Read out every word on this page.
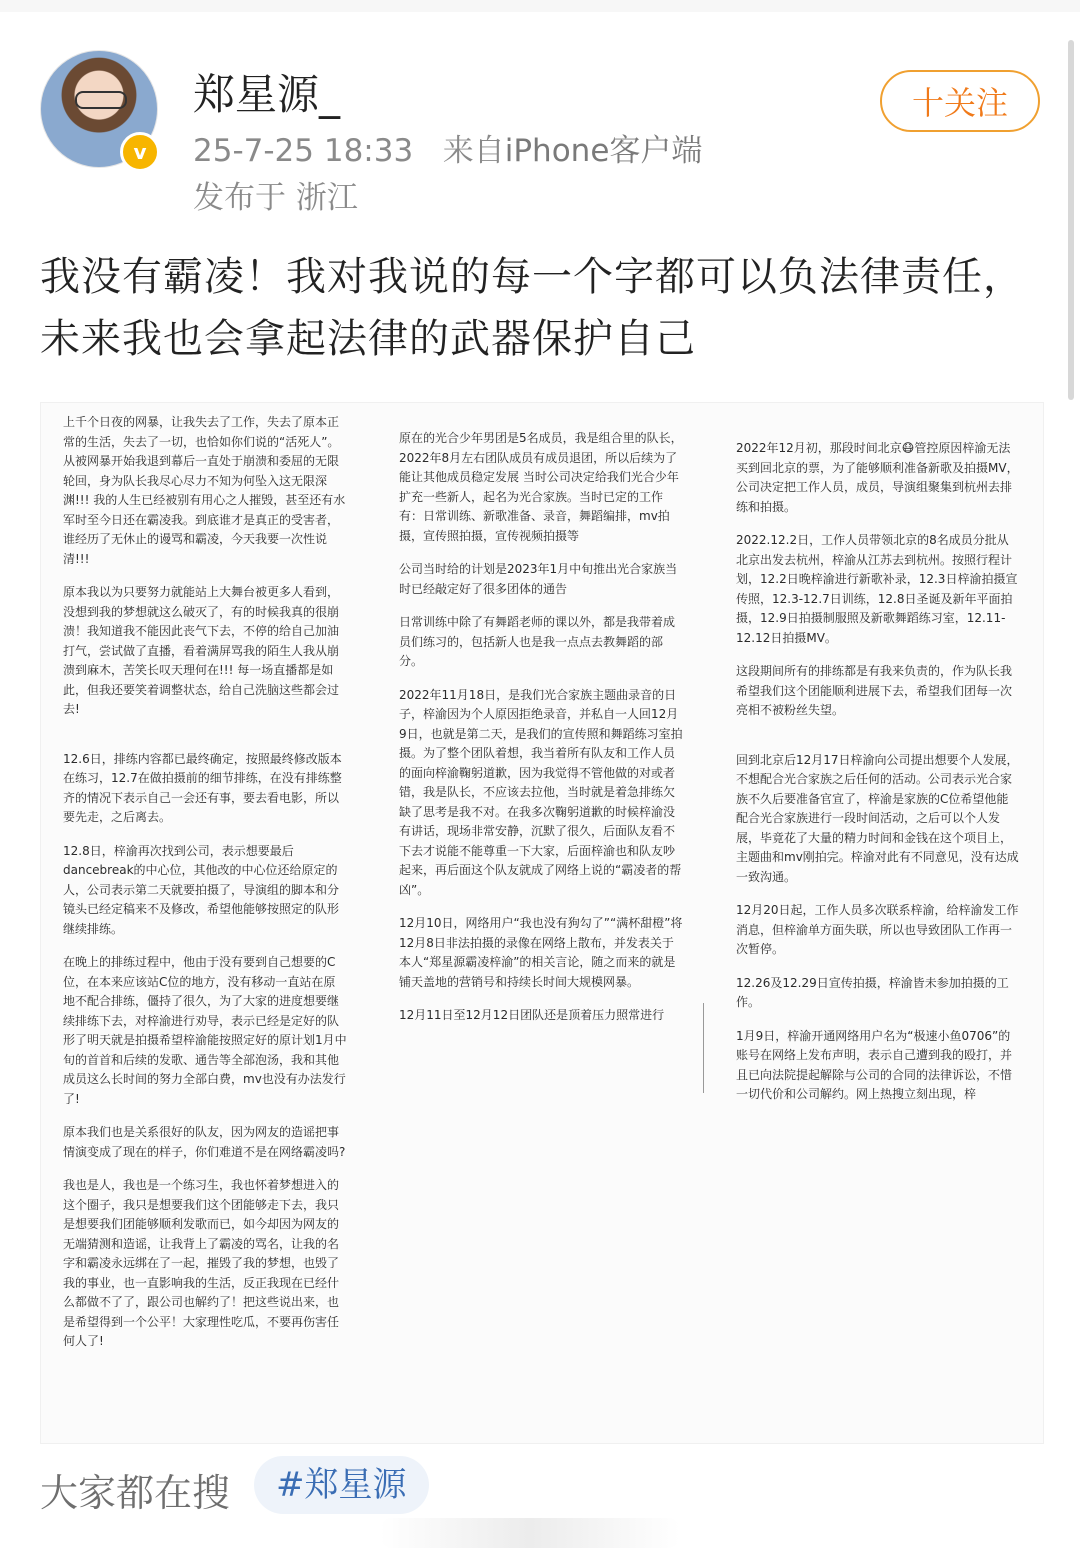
v
郑星源_
25-7-25 18:33 来自iPhone客户端
发布于 浙江
十关注
我没有霸凌！我对我说的每一个字都可以负法律责任，未来我也会拿起法律的武器保护自己

上千个日夜的网暴，让我失去了工作，失去了原本正常的生活，失去了一切，也恰如你们说的“活死人”。从被网暴开始我退到幕后一直处于崩溃和委屈的无限轮回，身为队长我尽心尽力不知为何坠入这无限深渊!!! 我的人生已经被别有用心之人摧毁，甚至还有水军时至今日还在霸凌我。到底谁才是真正的受害者，谁经历了无休止的谩骂和霸凌，今天我要一次性说清!!!

原本我以为只要努力就能站上大舞台被更多人看到，没想到我的梦想就这么破灭了，有的时候我真的很崩溃！我知道我不能因此丧气下去，不停的给自己加油打气，尝试做了直播，看着满屏骂我的陌生人我从崩溃到麻木，苦笑长叹天理何在!!! 每一场直播都是如此，但我还要笑着调整状态，给自己洗脑这些都会过去!

12.6日，排练内容都已最终确定，按照最终修改版本在练习，12.7在做拍摄前的细节排练，在没有排练整齐的情况下表示自己一会还有事，要去看电影，所以要先走，之后离去。

12.8日，梓渝再次找到公司，表示想要最后dancebreak的中心位，其他改的中心位还给原定的人，公司表示第二天就要拍摄了，导演组的脚本和分镜头已经定稿来不及修改，希望他能够按照定的队形继续排练。

在晚上的排练过程中，他由于没有要到自己想要的C位，在本来应该站C位的地方，没有移动一直站在原地不配合排练，僵持了很久，为了大家的进度想要继续排练下去，对梓渝进行劝导，表示已经是定好的队形了明天就是拍摄希望梓渝能按照定好的原计划1月中旬的首首和后续的发歌、通告等全部泡汤，我和其他成员这么长时间的努力全部白费，mv也没有办法发行了!

原本我们也是关系很好的队友，因为网友的造谣把事情演变成了现在的样子，你们难道不是在网络霸凌吗?

我也是人，我也是一个练习生，我也怀着梦想进入的这个圈子，我只是想要我们这个团能够走下去，我只是想要我们团能够顺利发歌而已，如今却因为网友的无端猜测和造谣，让我背上了霸凌的骂名，让我的名字和霸凌永远绑在了一起，摧毁了我的梦想，也毁了我的事业，也一直影响我的生活，反正我现在已经什么都做不了了，跟公司也解约了！把这些说出来，也是希望得到一个公平！大家理性吃瓜，不要再伤害任何人了!

原在的光合少年男团是5名成员，我是组合里的队长，2022年8月左右团队成员有成员退团，所以后续为了能让其他成员稳定发展 当时公司决定给我们光合少年扩充一些新人，起名为光合家族。当时已定的工作有：日常训练、新歌准备、录音，舞蹈编排，mv拍摄，宣传照拍摄，宣传视频拍摄等

公司当时给的计划是2023年1月中旬推出光合家族当时已经敲定好了很多团体的通告

日常训练中除了有舞蹈老师的课以外，都是我带着成员们练习的，包括新人也是我一点点去教舞蹈的部分。

2022年11月18日，是我们光合家族主题曲录音的日子，梓渝因为个人原因拒绝录音，并私自一人回12月9日，也就是第二天，是我们的宣传照和舞蹈练习室拍摄。为了整个团队着想，我当着所有队友和工作人员的面向梓渝鞠躬道歉，因为我觉得不管他做的对或者错，我是队长，不应该去拉他，当时就是着急排练欠缺了思考是我不对。在我多次鞠躬道歉的时候梓渝没有讲话，现场非常安静，沉默了很久，后面队友看不下去才说能不能尊重一下大家，后面梓渝也和队友吵起来，再后面这个队友就成了网络上说的“霸凌者的帮凶”。

12月10日，网络用户“我也没有狗勾了”“满杯甜橙”将12月8日非法拍摄的录像在网络上散布，并发表关于本人“郑星源霸凌梓渝”的相关言论，随之而来的就是铺天盖地的营销号和持续长时间大规模网暴。

12月11日至12月12日团队还是顶着压力照常进行

2022年12月初，那段时间北京😷管控原因梓渝无法买到回北京的票，为了能够顺利准备新歌及拍摄MV，公司决定把工作人员，成员，导演组聚集到杭州去排练和拍摄。

2022.12.2日，工作人员带领北京的8名成员分批从北京出发去杭州，梓渝从江苏去到杭州。按照行程计划，12.2日晚梓渝进行新歌补录，12.3日梓渝拍摄宣传照，12.3-12.7日训练，12.8日圣诞及新年平面拍摄，12.9日拍摄制服照及新歌舞蹈练习室，12.11-12.12日拍摄MV。

这段期间所有的排练都是有我来负责的，作为队长我希望我们这个团能顺利进展下去，希望我们团每一次亮相不被粉丝失望。

回到北京后12月17日梓渝向公司提出想要个人发展，不想配合光合家族之后任何的活动。公司表示光合家族不久后要准备官宣了，梓渝是家族的C位希望他能配合光合家族进行一段时间活动，之后可以个人发展，毕竟花了大量的精力时间和金钱在这个项目上，主题曲和mv刚拍完。梓渝对此有不同意见，没有达成一致沟通。

12月20日起，工作人员多次联系梓渝，给梓渝发工作消息，但梓渝单方面失联，所以也导致团队工作再一次暂停。

12.26及12.29日宣传拍摄，梓渝皆未参加拍摄的工作。

1月9日，梓渝开通网络用户名为“极速小鱼0706”的账号在网络上发布声明，表示自己遭到我的殴打，并且已向法院提起解除与公司的合同的法律诉讼，不惜一切代价和公司解约。网上热搜立刻出现，梓

大家都在搜	#郑星源
